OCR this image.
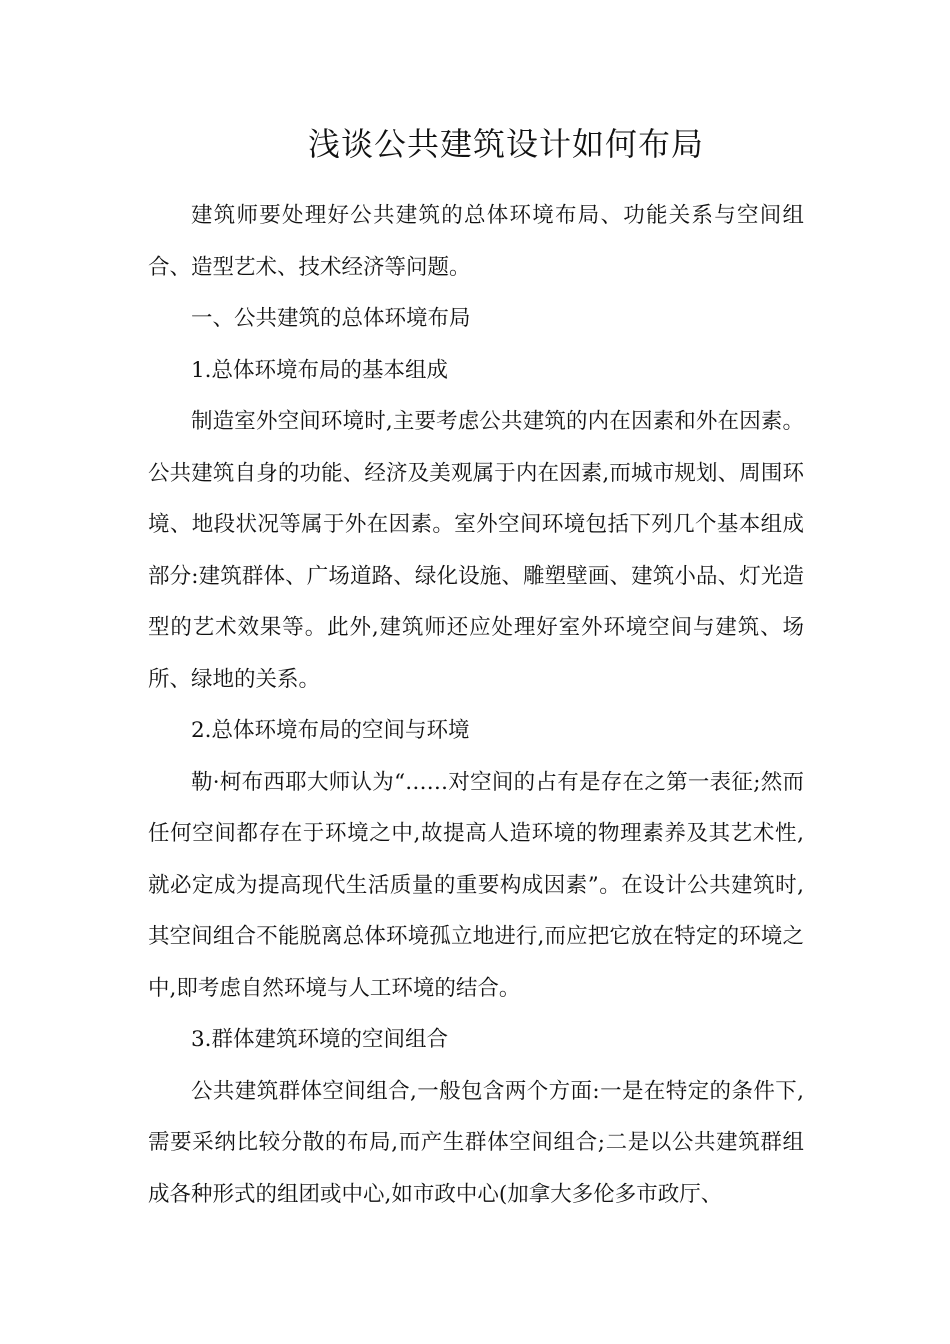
浅谈公共建筑设计如何布局

建筑师要处理好公共建筑的总体环境布局、功能关系与空间组合、造型艺术、技术经济等问题。

一、公共建筑的总体环境布局

1.总体环境布局的基本组成

制造室外空间环境时,主要考虑公共建筑的内在因素和外在因素。公共建筑自身的功能、经济及美观属于内在因素,而城市规划、周围环境、地段状况等属于外在因素。室外空间环境包括下列几个基本组成部分:建筑群体、广场道路、绿化设施、雕塑壁画、建筑小品、灯光造型的艺术效果等。此外,建筑师还应处理好室外环境空间与建筑、场所、绿地的关系。

2.总体环境布局的空间与环境

勒·柯布西耶大师认为“……对空间的占有是存在之第一表征;然而任何空间都存在于环境之中,故提高人造环境的物理素养及其艺术性,就必定成为提高现代生活质量的重要构成因素”。在设计公共建筑时,其空间组合不能脱离总体环境孤立地进行,而应把它放在特定的环境之中,即考虑自然环境与人工环境的结合。

3.群体建筑环境的空间组合

公共建筑群体空间组合,一般包含两个方面:一是在特定的条件下,需要采纳比较分散的布局,而产生群体空间组合;二是以公共建筑群组成各种形式的组团或中心,如市政中心(加拿大多伦多市政厅、
